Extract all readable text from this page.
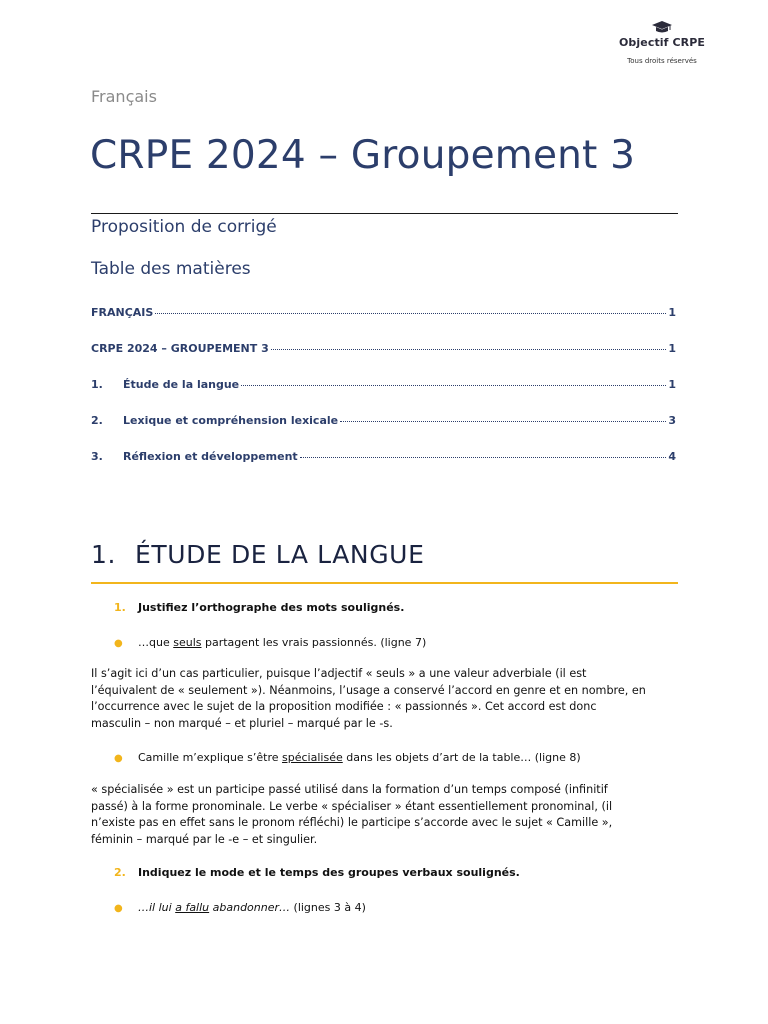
Objectif CRPE
Tous droits réservés
Français
CRPE 2024 – Groupement 3
Proposition de corrigé
Table des matières
FRANÇAIS	1
CRPE 2024 – GROUPEMENT 3	1
1.	Étude de la langue	1
2.	Lexique et compréhension lexicale	3
3.	Réflexion et développement	4
1. ÉTUDE DE LA LANGUE
1. Justifiez l’orthographe des mots soulignés.
● …que seuls partagent les vrais passionnés. (ligne 7)
Il s’agit ici d’un cas particulier, puisque l’adjectif « seuls » a une valeur adverbiale (il est
l’équivalent de « seulement »). Néanmoins, l’usage a conservé l’accord en genre et en nombre, en
l’occurrence avec le sujet de la proposition modifiée : « passionnés ». Cet accord est donc
masculin – non marqué – et pluriel – marqué par le -s.
● Camille m’explique s’être spécialisée dans les objets d’art de la table… (ligne 8)
« spécialisée » est un participe passé utilisé dans la formation d’un temps composé (infinitif
passé) à la forme pronominale. Le verbe « spécialiser » étant essentiellement pronominal, (il
n’existe pas en effet sans le pronom réfléchi) le participe s’accorde avec le sujet « Camille »,
féminin – marqué par le -e – et singulier.
2. Indiquez le mode et le temps des groupes verbaux soulignés.
● …il lui a fallu abandonner… (lignes 3 à 4)
